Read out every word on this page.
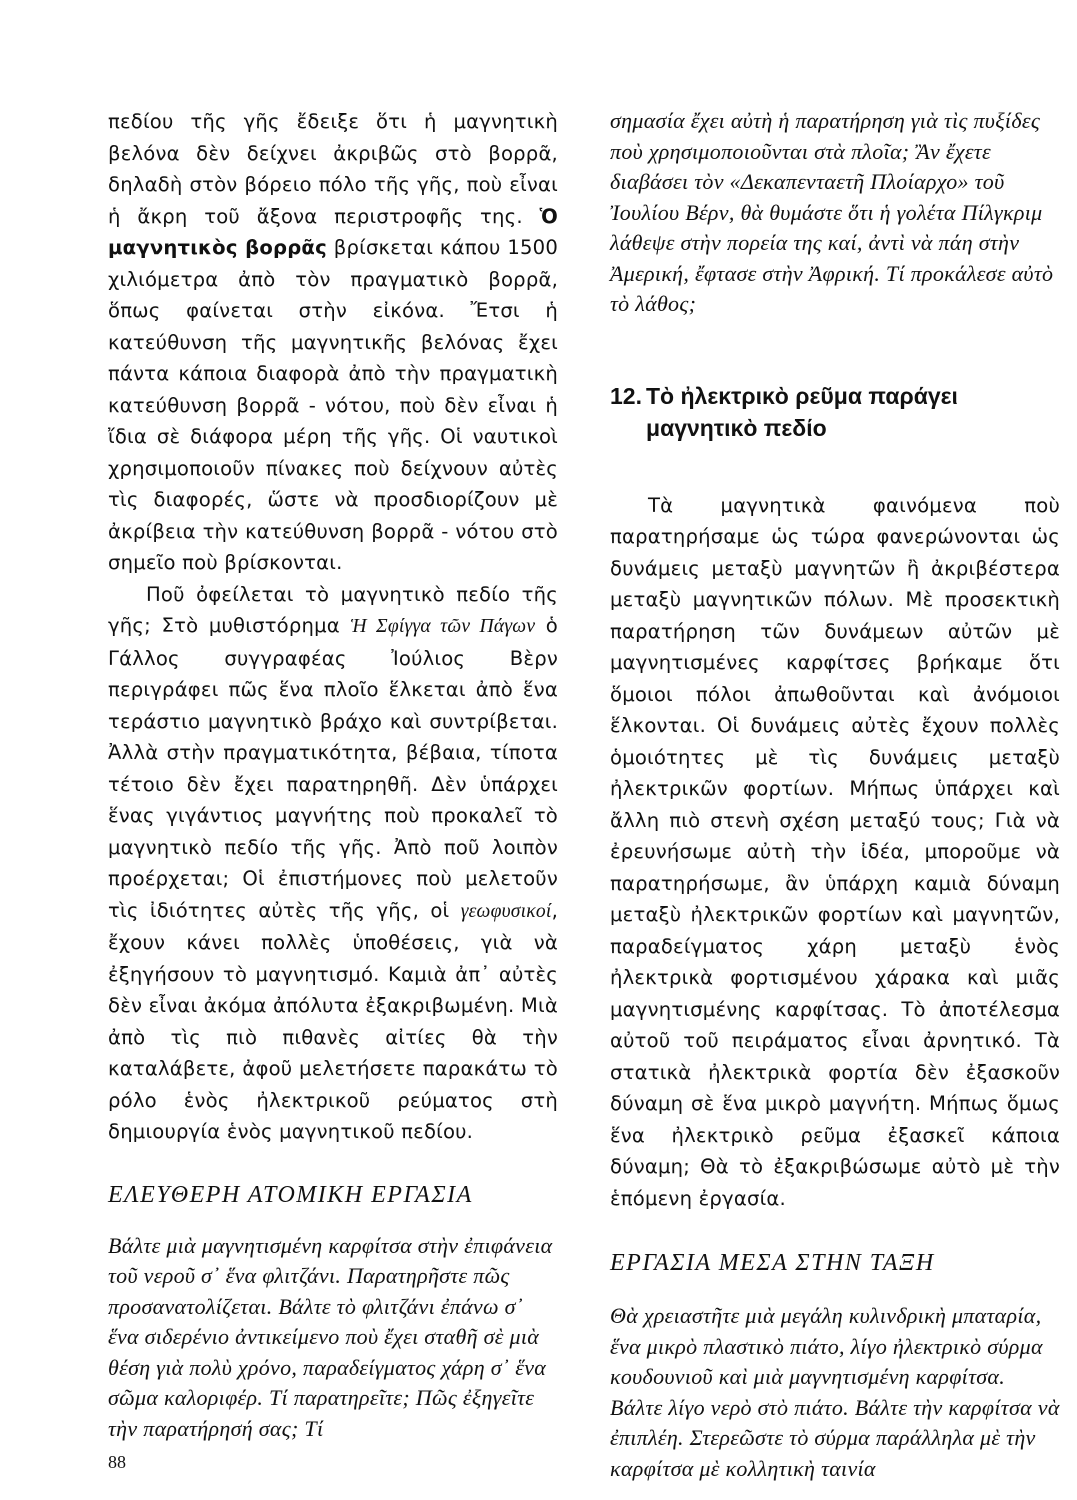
πεδίου τῆς γῆς ἔδειξε ὅτι ἡ μαγνητικὴ βελόνα δὲν δείχνει ἀκριβῶς στὸ βορρᾶ, δηλαδὴ στὸν βόρειο πόλο τῆς γῆς, ποὺ εἶναι ἡ ἄκρη τοῦ ἄξονα περιστροφῆς της. Ὁ μαγνητικὸς βορρᾶς βρίσκεται κάπου 1500 χιλιόμετρα ἀπὸ τὸν πραγματικὸ βορρᾶ, ὅπως φαίνεται στὴν εἰκόνα. Ἔτσι ἡ κατεύθυνση τῆς μαγνητικῆς βελόνας ἔχει πάντα κάποια διαφορὰ ἀπὸ τὴν πραγματικὴ κατεύθυνση βορρᾶ - νότου, ποὺ δὲν εἶναι ἡ ἴδια σὲ διάφορα μέρη τῆς γῆς. Οἱ ναυτικοὶ χρησιμοποιοῦν πίνακες ποὺ δείχνουν αὐτὲς τὶς διαφορές, ὥστε νὰ προσδιορίζουν μὲ ἀκρίβεια τὴν κατεύθυνση βορρᾶ - νότου στὸ σημεῖο ποὺ βρίσκονται.

Ποῦ ὀφείλεται τὸ μαγνητικὸ πεδίο τῆς γῆς; Στὸ μυθιστόρημα Ἡ Σφίγγα τῶν Πάγων ὁ Γάλλος συγγραφέας Ἰούλιος Βὲρν περιγράφει πῶς ἕνα πλοῖο ἕλκεται ἀπὸ ἕνα τεράστιο μαγνητικὸ βράχο καὶ συντρίβεται. Ἀλλὰ στὴν πραγματικότητα, βέβαια, τίποτα τέτοιο δὲν ἔχει παρατηρηθῆ. Δὲν ὑπάρχει ἕνας γιγάντιος μαγνήτης ποὺ προκαλεῖ τὸ μαγνητικὸ πεδίο τῆς γῆς. Ἀπὸ ποῦ λοιπὸν προέρχεται; Οἱ ἐπιστήμονες ποὺ μελετοῦν τὶς ἰδιότητες αὐτὲς τῆς γῆς, οἱ γεωφυσικοί, ἔχουν κάνει πολλὲς ὑποθέσεις, γιὰ νὰ ἐξηγήσουν τὸ μαγνητισμό. Καμιὰ ἀπ᾿ αὐτὲς δὲν εἶναι ἀκόμα ἀπόλυτα ἐξακριβωμένη. Μιὰ ἀπὸ τὶς πιὸ πιθανὲς αἰτίες θὰ τὴν καταλάβετε, ἀφοῦ μελετήσετε παρακάτω τὸ ρόλο ἑνὸς ἠλεκτρικοῦ ρεύματος στὴ δημιουργία ἑνὸς μαγνητικοῦ πεδίου.

ΕΛΕΥΘΕΡΗ ΑΤΟΜΙΚΗ ΕΡΓΑΣΙΑ

Βάλτε μιὰ μαγνητισμένη καρφίτσα στὴν ἐπιφάνεια τοῦ νεροῦ σ᾿ ἕνα φλιτζάνι. Παρατηρῆστε πῶς προσανατολίζεται. Βάλτε τὸ φλιτζάνι ἐπάνω σ᾿ ἕνα σιδερένιο ἀντικείμενο ποὺ ἔχει σταθῆ σὲ μιὰ θέση γιὰ πολὺ χρόνο, παραδείγματος χάρη σ᾿ ἕνα σῶμα καλοριφέρ. Τί παρατηρεῖτε; Πῶς ἐξηγεῖτε τὴν παρατήρησή σας; Τί

σημασία ἔχει αὐτὴ ἡ παρατήρηση γιὰ τὶς πυξίδες ποὺ χρησιμοποιοῦνται στὰ πλοῖα; Ἂν ἔχετε διαβάσει τὸν «Δεκαπενταετῆ Πλοίαρχο» τοῦ Ἰουλίου Βέρν, θὰ θυμάστε ὅτι ἡ γολέτα Πίλγκριμ λάθεψε στὴν πορεία της καί, ἀντὶ νὰ πάη στὴν Ἀμερική, ἔφτασε στὴν Ἀφρική. Τί προκάλεσε αὐτὸ τὸ λάθος;

12. Τὸ ἠλεκτρικὸ ρεῦμα παράγει
μαγνητικὸ πεδίο

Τὰ μαγνητικὰ φαινόμενα ποὺ παρατηρήσαμε ὡς τώρα φανερώνονται ὡς δυνάμεις μεταξὺ μαγνητῶν ἢ ἀκριβέστερα μεταξὺ μαγνητικῶν πόλων. Μὲ προσεκτικὴ παρατήρηση τῶν δυνάμεων αὐτῶν μὲ μαγνητισμένες καρφίτσες βρήκαμε ὅτι ὅμοιοι πόλοι ἀπωθοῦνται καὶ ἀνόμοιοι ἕλκονται. Οἱ δυνάμεις αὐτὲς ἔχουν πολλὲς ὁμοιότητες μὲ τὶς δυνάμεις μεταξὺ ἠλεκτρικῶν φορτίων. Μήπως ὑπάρχει καὶ ἄλλη πιὸ στενὴ σχέση μεταξύ τους; Γιὰ νὰ ἐρευνήσωμε αὐτὴ τὴν ἰδέα, μποροῦμε νὰ παρατηρήσωμε, ἂν ὑπάρχη καμιὰ δύναμη μεταξὺ ἠλεκτρικῶν φορτίων καὶ μαγνητῶν, παραδείγματος χάρη μεταξὺ ἑνὸς ἠλεκτρικὰ φορτισμένου χάρακα καὶ μιᾶς μαγνητισμένης καρφίτσας. Τὸ ἀποτέλεσμα αὐτοῦ τοῦ πειράματος εἶναι ἀρνητικό. Τὰ στατικὰ ἠλεκτρικὰ φορτία δὲν ἐξασκοῦν δύναμη σὲ ἕνα μικρὸ μαγνήτη. Μήπως ὅμως ἕνα ἠλεκτρικὸ ρεῦμα ἐξασκεῖ κάποια δύναμη; Θὰ τὸ ἐξακριβώσωμε αὐτὸ μὲ τὴν ἑπόμενη ἐργασία.

ΕΡΓΑΣΙΑ ΜΕΣΑ ΣΤΗΝ ΤΑΞΗ

Θὰ χρειαστῆτε μιὰ μεγάλη κυλινδρικὴ μπαταρία, ἕνα μικρὸ πλαστικὸ πιάτο, λίγο ἠλεκτρικὸ σύρμα κουδουνιοῦ καὶ μιὰ μαγνητισμένη καρφίτσα. Βάλτε λίγο νερὸ στὸ πιάτο. Βάλτε τὴν καρφίτσα νὰ ἐπιπλέη. Στερεῶστε τὸ σύρμα παράλληλα μὲ τὴν καρφίτσα μὲ κολλητικὴ ταινία

88
